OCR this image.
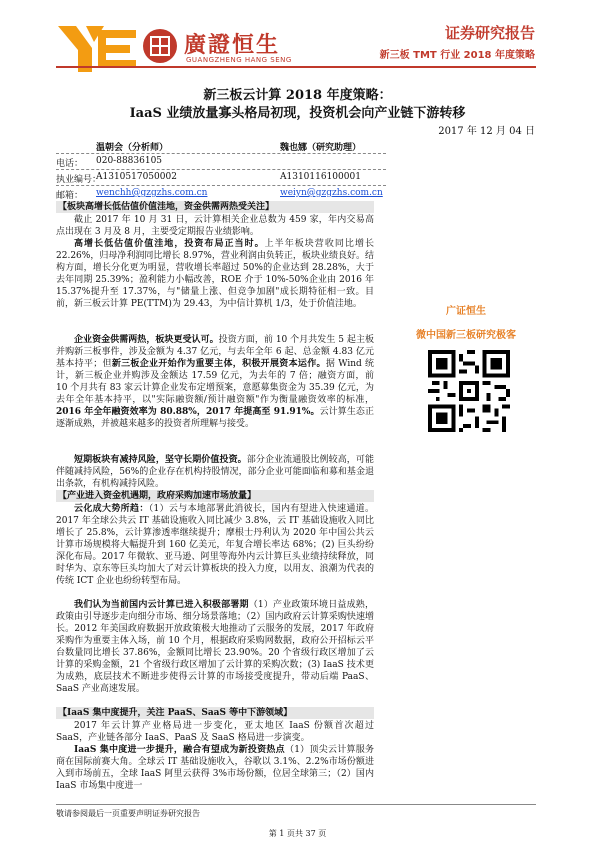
廣證恒生
GUANGZHENG HANG SENG
证券研究报告
新三板 TMT 行业 2018 年度策略
新三板云计算 2018 年度策略：
IaaS 业绩放量寡头格局初现，投资机会向产业链下游转移
2017 年 12 月 04 日
温朝会（分析师）	魏也娜（研究助理）
电话： 020-88836105
执业编号：
A1310517050002	A1310116100001
邮箱： wenchh@gzgzhs.com.cn	weiyn@gzgzhs.com.cn
【板块高增长低估值价值洼地，资金供需两热受关注】
截止 2017 年 10 月 31 日，云计算相关企业总数为 459 家，年内交易高点出现在 3 月及 8 月，主要受定期报告业绩影响。
高增长低估值价值洼地，投资布局正当时。上半年板块营收同比增长 22.26%，归母净利润同比增长 8.97%，营业利润由负转正，板块业绩良好。结构方面，增长分化更为明显，营收增长率超过 50%的企业达到 28.28%，大于去年同期 25.39%；盈利能力小幅改善，ROE 介于 10%-50%企业由 2016 年 15.37%提升至 17.37%，与"储量上涨、但竞争加剧"成长期特征相一致。目前，新三板云计算 PE(TTM)为 29.43，为中信计算机 1/3，处于价值洼地。
企业资金供需两热，板块更受认可。投资方面，前 10 个月共发生 5 起主板并购新三板事件，涉及金额为 4.37 亿元，与去年全年 6 起、总金额 4.83 亿元基本持平；但新三板企业开始作为重要主体，积极开展资本运作。据 Wind 统计，新三板企业并购涉及金额达 17.59 亿元，为去年的 7 倍；融资方面，前 10 个月共有 83 家云计算企业发布定增预案，意愿募集资金为 35.39 亿元，为去年全年基本持平，以"实际融资额/预计融资额"作为衡量融资效率的标准，2016 年全年融资效率为 80.88%，2017 年提高至 91.91%。云计算生态正逐渐成熟，并被越来越多的投资者所理解与接受。
短期板块有减持风险，坚守长期价值投资。部分企业流通股比例较高，可能伴随减持风险，56%的企业存在机构持股情况，部分企业可能面临和募和基金退出条款，有机构减持风险。
【产业进入资金机遇期，政府采购加速市场放量】
云化成大势所趋：（1）云与本地部署此消彼长，国内有望进入快速通道。2017 年全球公共云 IT 基础设施收入同比减少 3.8%，云 IT 基础设施收入同比增长了 25.8%，云计算渗透率继续提升；摩根士丹利认为 2020 年中国公共云计算市场规模将大幅提升到 160 亿美元，年复合增长率达 68%；(2) 巨头纷纷深化布局。2017 年微软、亚马逊、阿里等海外内云计算巨头业绩持续释放，同时华为、京东等巨头均加大了对云计算板块的投入力度，以用友、浪潮为代表的传统 ICT 企业也纷纷转型布局。
我们认为当前国内云计算已进入积极部署期（1）产业政策环境日益成熟，政策由引导逐步走向细分市场、细分场景落地；（2）国内政府云计算采购快速增长。2012 年美国政府数据开放政策极大地推动了云服务的发展，2017 年政府采购作为重要主体入场，前 10 个月，根据政府采购网数据，政府公开招标云平台数量同比增长 37.86%，金额同比增长 23.90%。20 个省级行政区增加了云计算的采购金额，21 个省级行政区增加了云计算的采购次数；(3) IaaS 技术更为成熟，底层技术不断进步使得云计算的市场接受度提升，带动后端 PaaS、SaaS 产业高速发展。
【IaaS 集中度提升，关注 PaaS、SaaS 等中下游领域】
2017 年云计算产业格局进一步变化，亚太地区 IaaS 份额首次超过 SaaS，产业链各部分 IaaS、PaaS 及 SaaS 格局进一步演变。
IaaS 集中度进一步提升，融合有望成为新投资热点（1）顶尖云计算服务商在国际前赛大角。全球云 IT 基础设施收入，谷歌以 3.1%、2.2%市场份额进入到市场前五，全球 IaaS 阿里云获得 3%市场份额，位居全球第三；（2）国内 IaaS 市场集中度进一
广证恒生
微中国新三板研究极客
敬请参阅最后一页重要声明证券研究报告
第 1 页共 37 页
